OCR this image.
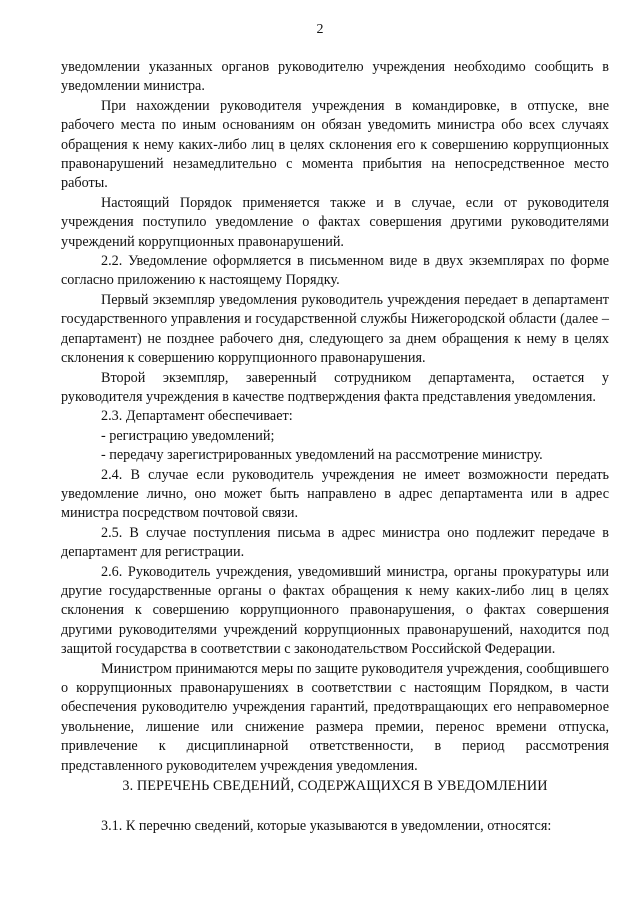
2

уведомлении указанных органов руководителю учреждения необходимо сообщить в уведомлении министра.

При нахождении руководителя учреждения в командировке, в отпуске, вне рабочего места по иным основаниям он обязан уведомить министра обо всех случаях обращения к нему каких-либо лиц в целях склонения его к совершению коррупционных правонарушений незамедлительно с момента прибытия на непосредственное место работы.

Настоящий Порядок применяется также и в случае, если от руководителя учреждения поступило уведомление о фактах совершения другими руководителями учреждений коррупционных правонарушений.

2.2. Уведомление оформляется в письменном виде в двух экземплярах по форме согласно приложению к настоящему Порядку.

Первый экземпляр уведомления руководитель учреждения передает в департамент государственного управления и государственной службы Нижегородской области (далее – департамент) не позднее рабочего дня, следующего за днем обращения к нему в целях склонения к совершению коррупционного правонарушения.

Второй экземпляр, заверенный сотрудником департамента, остается у руководителя учреждения в качестве подтверждения факта представления уведомления.

2.3. Департамент обеспечивает:

- регистрацию уведомлений;

- передачу зарегистрированных уведомлений на рассмотрение министру.

2.4. В случае если руководитель учреждения не имеет возможности передать уведомление лично, оно может быть направлено в адрес департамента или в адрес министра посредством почтовой связи.

2.5. В случае поступления письма в адрес министра оно подлежит передаче в департамент для регистрации.

2.6. Руководитель учреждения, уведомивший министра, органы прокуратуры или другие государственные органы о фактах обращения к нему каких-либо лиц в целях склонения к совершению коррупционного правонарушения, о фактах совершения другими руководителями учреждений коррупционных правонарушений, находится под защитой государства в соответствии с законодательством Российской Федерации.

Министром принимаются меры по защите руководителя учреждения, сообщившего о коррупционных правонарушениях в соответствии с настоящим Порядком, в части обеспечения руководителю учреждения гарантий, предотвращающих его неправомерное увольнение, лишение или снижение размера премии, перенос времени отпуска, привлечение к дисциплинарной ответственности, в период рассмотрения представленного руководителем учреждения уведомления.

3. ПЕРЕЧЕНЬ СВЕДЕНИЙ, СОДЕРЖАЩИХСЯ В УВЕДОМЛЕНИИ

3.1. К перечню сведений, которые указываются в уведомлении, относятся:
